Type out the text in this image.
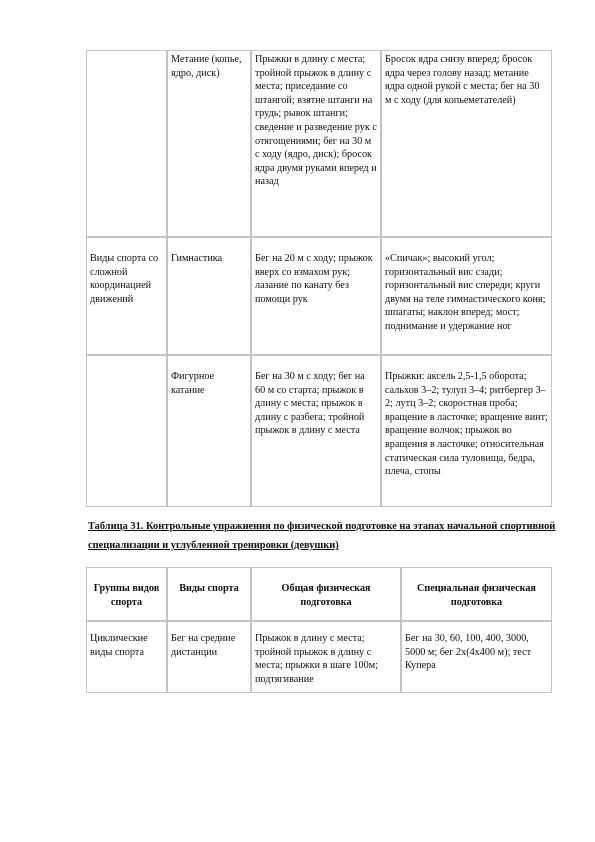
	Метание (копье, ядро, диск)	Прыжки в длину с места; тройной прыжок в длину с места; приседание со штангой; взятие штанги на грудь; рывок штанги; сведение и разведение рук с отягощениями; бег на 30 м с ходу (ядро, диск); бросок ядра двумя руками вперед и назад	Бросок ядра снизу вперед; бросок ядра через голову назад; метание ядра одной рукой с места; бег на 30 м с ходу (для копьеметателей)
Виды спорта со сложной координацией движений	Гимнастика	Бег на 20 м с ходу; прыжок вверх со взмахом рук; лазание по канату без помощи рук	«Спичак»; высокий угол; горизонтальный вис сзади; горизонтальный вис спереди; круги двумя на теле гимнастического коня; шпагаты; наклон вперед; мост; поднимание и удержание ног
	Фигурное катание	Бег на 30 м с ходу; бег на 60 м со старта; прыжок в длину с места; прыжок в длину с разбега; тройной прыжок в длину с места	Прыжки: аксель 2,5-1,5 оборота; сальхов 3–2; тулуп 3–4; ритбергер 3–2; лутц 3–2; скоростная проба; вращение в ласточке; вращение винт; вращение волчок; прыжок во вращения в ласточке; относительная статическая сила туловища, бедра, плеча, стопы
Таблица 31. Контрольные упражнения по физической подготовке на этапах начальной спортивной специализации и углубленной тренировки (девушки)
Группы видов спорта	Виды спорта	Общая физическая подготовка	Специальная физическая подготовка
Циклические виды спорта	Бег на средние дистанции	Прыжок в длину с места; тройной прыжок в длину с места; прыжки в шаге 100м; подтягивание	Бег на 30, 60, 100, 400, 3000, 5000 м; бег 2х(4х400 м); тест Купера
